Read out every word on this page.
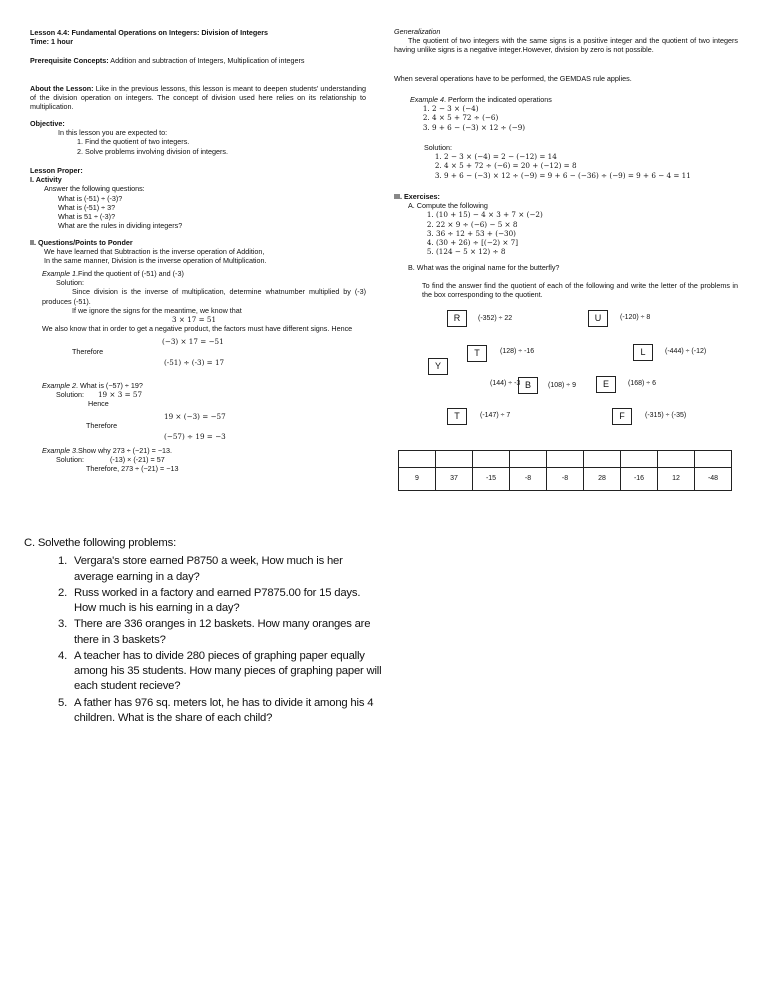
Lesson 4.4: Fundamental Operations on Integers: Division of Integers
Time: 1 hour
Prerequisite Concepts: Addition and subtraction of Integers, Multiplication of integers
About the Lesson: Like in the previous lessons, this lesson is meant to deepen students' understanding of the division operation on integers. The concept of division used here relies on its relationship to multiplication.
Objective:
In this lesson you are expected to:
1. Find the quotient of two integers.
2. Solve problems involving division of integers.
Lesson Proper:
I. Activity
Answer the following questions:
What is (-51) ÷ (-3)?
What is (-51) ÷ 3?
What is 51 ÷ (-3)?
What are the rules in dividing integers?
II. Questions/Points to Ponder
We have learned that Subtraction is the inverse operation of Addition,
In the same manner, Division is the inverse operation of Multiplication.
Example 1.Find the quotient of (-51) and (-3)
Solution:
Since division is the inverse of multiplication, determine whatnumber multiplied by (-3) produces (-51).
If we ignore the signs for the meantime, we know that
3 × 17 = 51
We also know that in order to get a negative product, the factors must have different signs. Hence
(−3) × 17 = −51
Therefore
(-51) ÷ (-3) = 17
Example 2. What is (−57) ÷ 19?
Solution: 19 × 3 = 57
Hence
19 × (−3) = −57
Therefore
(−57) ÷ 19 = −3
Example 3.Show why 273 ÷ (−21) = −13.
Solution:	(-13) × (-21) = 57
Therefore, 273 ÷ (−21) = −13
Generalization
The quotient of two integers with the same signs is a positive integer and the quotient of two integers having unlike signs is a negative integer.However, division by zero is not possible.
When several operations have to be performed, the GEMDAS rule applies.
Example 4. Perform the indicated operations
1. 2 − 3 × (−4)
2. 4 × 5 + 72 ÷ (−6)
3. 9 + 6 − (−3) × 12 ÷ (−9)
Solution:
1. 2 − 3 × (−4) = 2 − (−12) = 14
2. 4 × 5 + 72 ÷ (−6) = 20 + (−12) = 8
3. 9 + 6 − (−3) × 12 ÷ (−9) = 9 + 6 − (−36) ÷ (−9) = 9 + 6 − 4 = 11
III. Exercises:
A. Compute the following
1. (10 + 15) − 4 × 3 + 7 × (−2)
2. 22 × 9 ÷ (−6) − 5 × 8
3. 36 ÷ 12 + 53 + (−30)
4. (30 + 26) ÷ [(−2) × 7]
5. (124 − 5 × 12) ÷ 8
B. What was the original name for the butterfly?
To find the answer find the quotient of each of the following and write the letter of the problems in the box corresponding to the quotient.
R	(-352) ÷ 22	U	(-120) ÷ 8
T	(128) ÷ -16	L	(-444) ÷ (-12)
Y
(144) ÷ -3 B	(108) ÷ 9	E	(168) ÷ 6
T	(-147) ÷ 7	F	(-315) ÷ (-35)

9	37	-15	-8	-8	28	-16	12	-48
C. Solvethe following problems:
1. Vergara's store earned P8750 a week, How much is her average earning in a day?
2. Russ worked in a factory and earned P7875.00 for 15 days. How much is his earning in a day?
3. There are 336 oranges in 12 baskets. How many oranges are there in 3 baskets?
4. A teacher has to divide 280 pieces of graphing paper equally among his 35 students. How many pieces of graphing paper will each student recieve?
5. A father has 976 sq. meters lot, he has to divide it among his 4 children. What is the share of each child?
